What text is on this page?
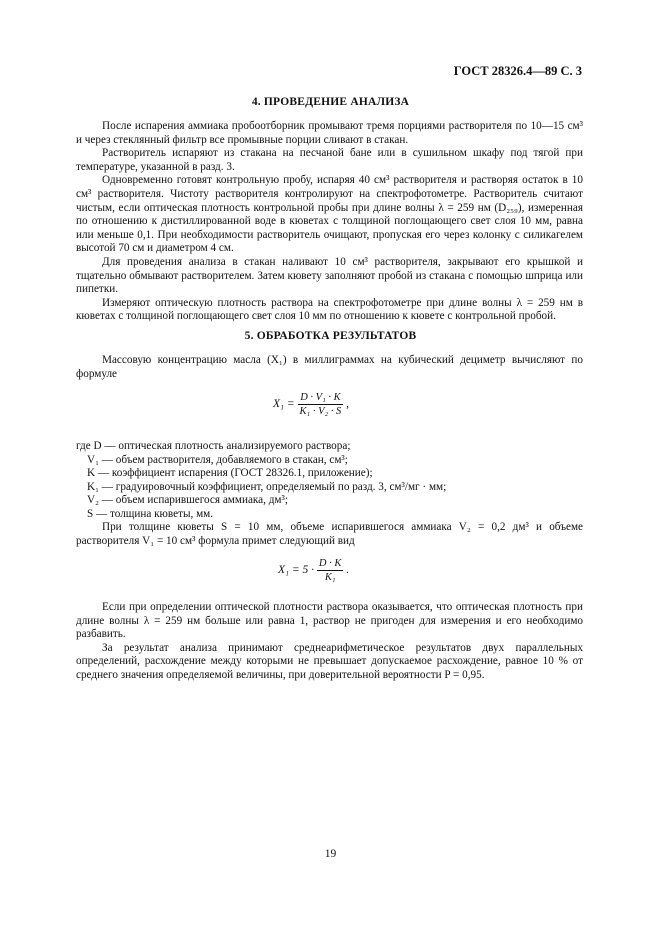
ГОСТ 28326.4—89 С. 3
4. ПРОВЕДЕНИЕ АНАЛИЗА

После испарения аммиака пробоотборник промывают тремя порциями растворителя по 10—15 см³ и через стеклянный фильтр все промывные порции сливают в стакан.

Растворитель испаряют из стакана на песчаной бане или в сушильном шкафу под тягой при температуре, указанной в разд. 3.

Одновременно готовят контрольную пробу, испаряя 40 см³ растворителя и растворяя остаток в 10 см³ растворителя. Чистоту растворителя контролируют на спектрофотометре. Растворитель считают чистым, если оптическая плотность контрольной пробы при длине волны λ = 259 нм (D₂₅₉), измеренная по отношению к дистиллированной воде в кюветах с толщиной поглощающего свет слоя 10 мм, равна или меньше 0,1. При необходимости растворитель очищают, пропуская его через колонку с силикагелем высотой 70 см и диаметром 4 см.

Для проведения анализа в стакан наливают 10 см³ растворителя, закрывают его крышкой и тщательно обмывают растворителем. Затем кювету заполняют пробой из стакана с помощью шприца или пипетки.

Измеряют оптическую плотность раствора на спектрофотометре при длине волны λ = 259 нм в кюветах с толщиной поглощающего свет слоя 10 мм по отношению к кювете с контрольной пробой.

5. ОБРАБОТКА РЕЗУЛЬТАТОВ

Массовую концентрацию масла (X₁) в миллиграммах на кубический дециметр вычисляют по формуле

$X_1 = \frac{\text{D · V₁ · K}}{\text{K₁ · V₂ · S}}$ ,

где D — оптическая плотность анализируемого раствора;

V₁ — объем растворителя, добавляемого в стакан, см³;

K — коэффициент испарения (ГОСТ 28326.1, приложение);

K₁ — градуировочный коэффициент, определяемый по разд. 3, см³/мг · мм;

V₂ — объем испарившегося аммиака, дм³;

S — толщина кюветы, мм.

При толщине кюветы S = 10 мм, объеме испарившегося аммиака V₂ = 0,2 дм³ и объеме растворителя V₁ = 10 см³ формула примет следующий вид

$X_1 = 5 \cdot \frac{D \cdot K}{\text{K₁}}$ .

Если при определении оптической плотности раствора оказывается, что оптическая плотность при длине волны λ = 259 нм больше или равна 1, раствор не пригоден для измерения и его необходимо разбавить.

За результат анализа принимают среднеарифметическое результатов двух параллельных определений, расхождение между которыми не превышает допускаемое расхождение, равное 10 % от среднего значения определяемой величины, при доверительной вероятности P = 0,95.

19
